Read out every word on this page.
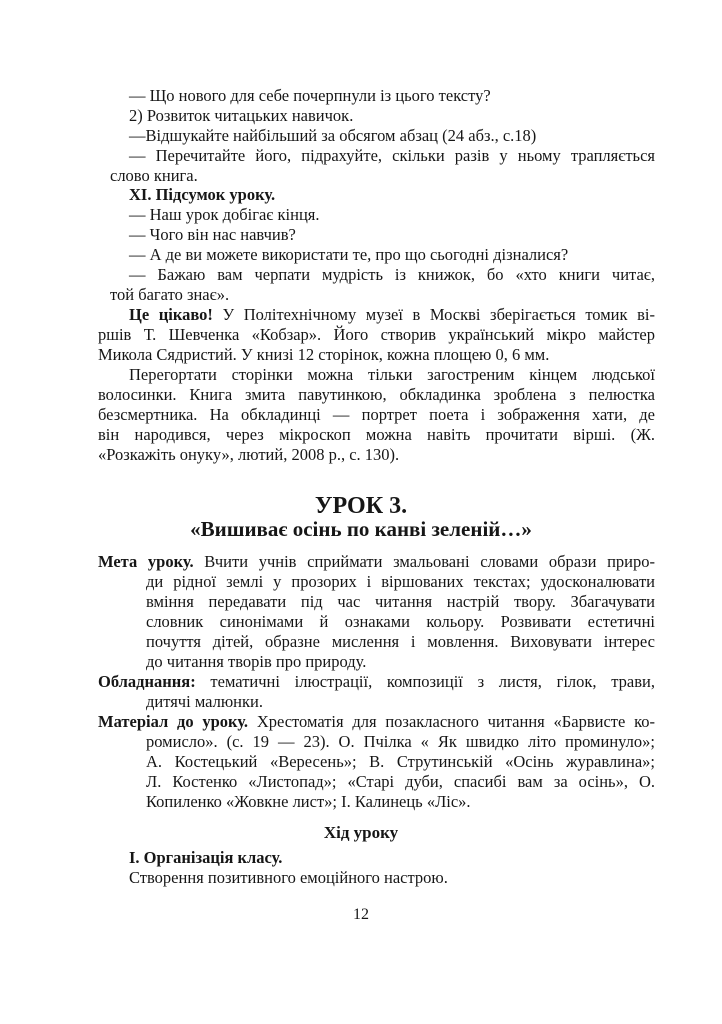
— Що нового для себе почерпнули із цього тексту?
2) Розвиток читацьких навичок.
—Відшукайте найбільший за обсягом абзац (24 абз., с.18)
— Перечитайте його, підрахуйте, скільки разів у ньому трапляється
слово книга.
XI. Підсумок уроку.
— Наш урок добігає кінця.
— Чого він нас навчив?
— А де ви можете використати те, про що сьогодні дізналися?
— Бажаю вам черпати мудрість із книжок, бо «хто книги читає,
той багато знає».
Це цікаво! У Політехнічному музеї в Москві зберігається томик ві-
ршів Т. Шевченка «Кобзар». Його створив український мікро майстер
Микола Сядристий. У книзі 12 сторінок, кожна площею 0, 6 мм.
Перегортати сторінки можна тільки загостреним кінцем людської
волосинки. Книга змита павутинкою, обкладинка зроблена з пелюстка
безсмертника. На обкладинці — портрет поета і зображення хати, де
він народився, через мікроскоп можна навіть прочитати вірші. (Ж.
«Розкажіть онуку», лютий, 2008 р., с. 130).
УРОК 3.
«Вишиває осінь по канві зеленій…»
Мета уроку. Вчити учнів сприймати змальовані словами образи приро-
ди рідної землі у прозорих і віршованих текстах; удосконалювати
вміння передавати під час читання настрій твору. Збагачувати
словник синонімами й ознаками кольору. Розвивати естетичні
почуття дітей, образне мислення і мовлення. Виховувати інтерес
до читання творів про природу.
Обладнання: тематичні ілюстрації, композиції з листя, гілок, трави,
дитячі малюнки.
Матеріал до уроку. Хрестоматія для позакласного читання «Барвисте ко-
ромисло». (с. 19 — 23). О. Пчілка « Як швидко літо проминуло»;
А. Костецький «Вересень»; В. Струтинській «Осінь журавлина»;
Л. Костенко «Листопад»; «Старі дуби, спасибі вам за осінь», О.
Копиленко «Жовкне лист»; І. Калинець «Ліс».
Хід уроку
I. Організація класу.
Створення позитивного емоційного настрою.
12
